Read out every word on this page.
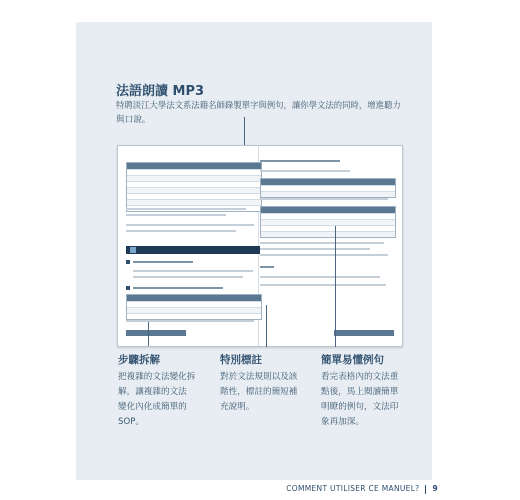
法語朗讀 MP3
特聘淡江大學法文系法籍名師錄製單字與例句，讓你學文法的同時，增進聽力
與口說。
步驟拆解
把複雜的文法變化拆
解，讓複雜的文法
變化內化成簡單的
SOP。
特別標註
對於文法規則以及該
階性，標註的簡短補
充說明。
簡單易懂例句
看完表格內的文法重
點後，馬上閱讀簡單
明瞭的例句，文法印
象再加深。
COMMENT UTILISER CE MANUEL? 9
